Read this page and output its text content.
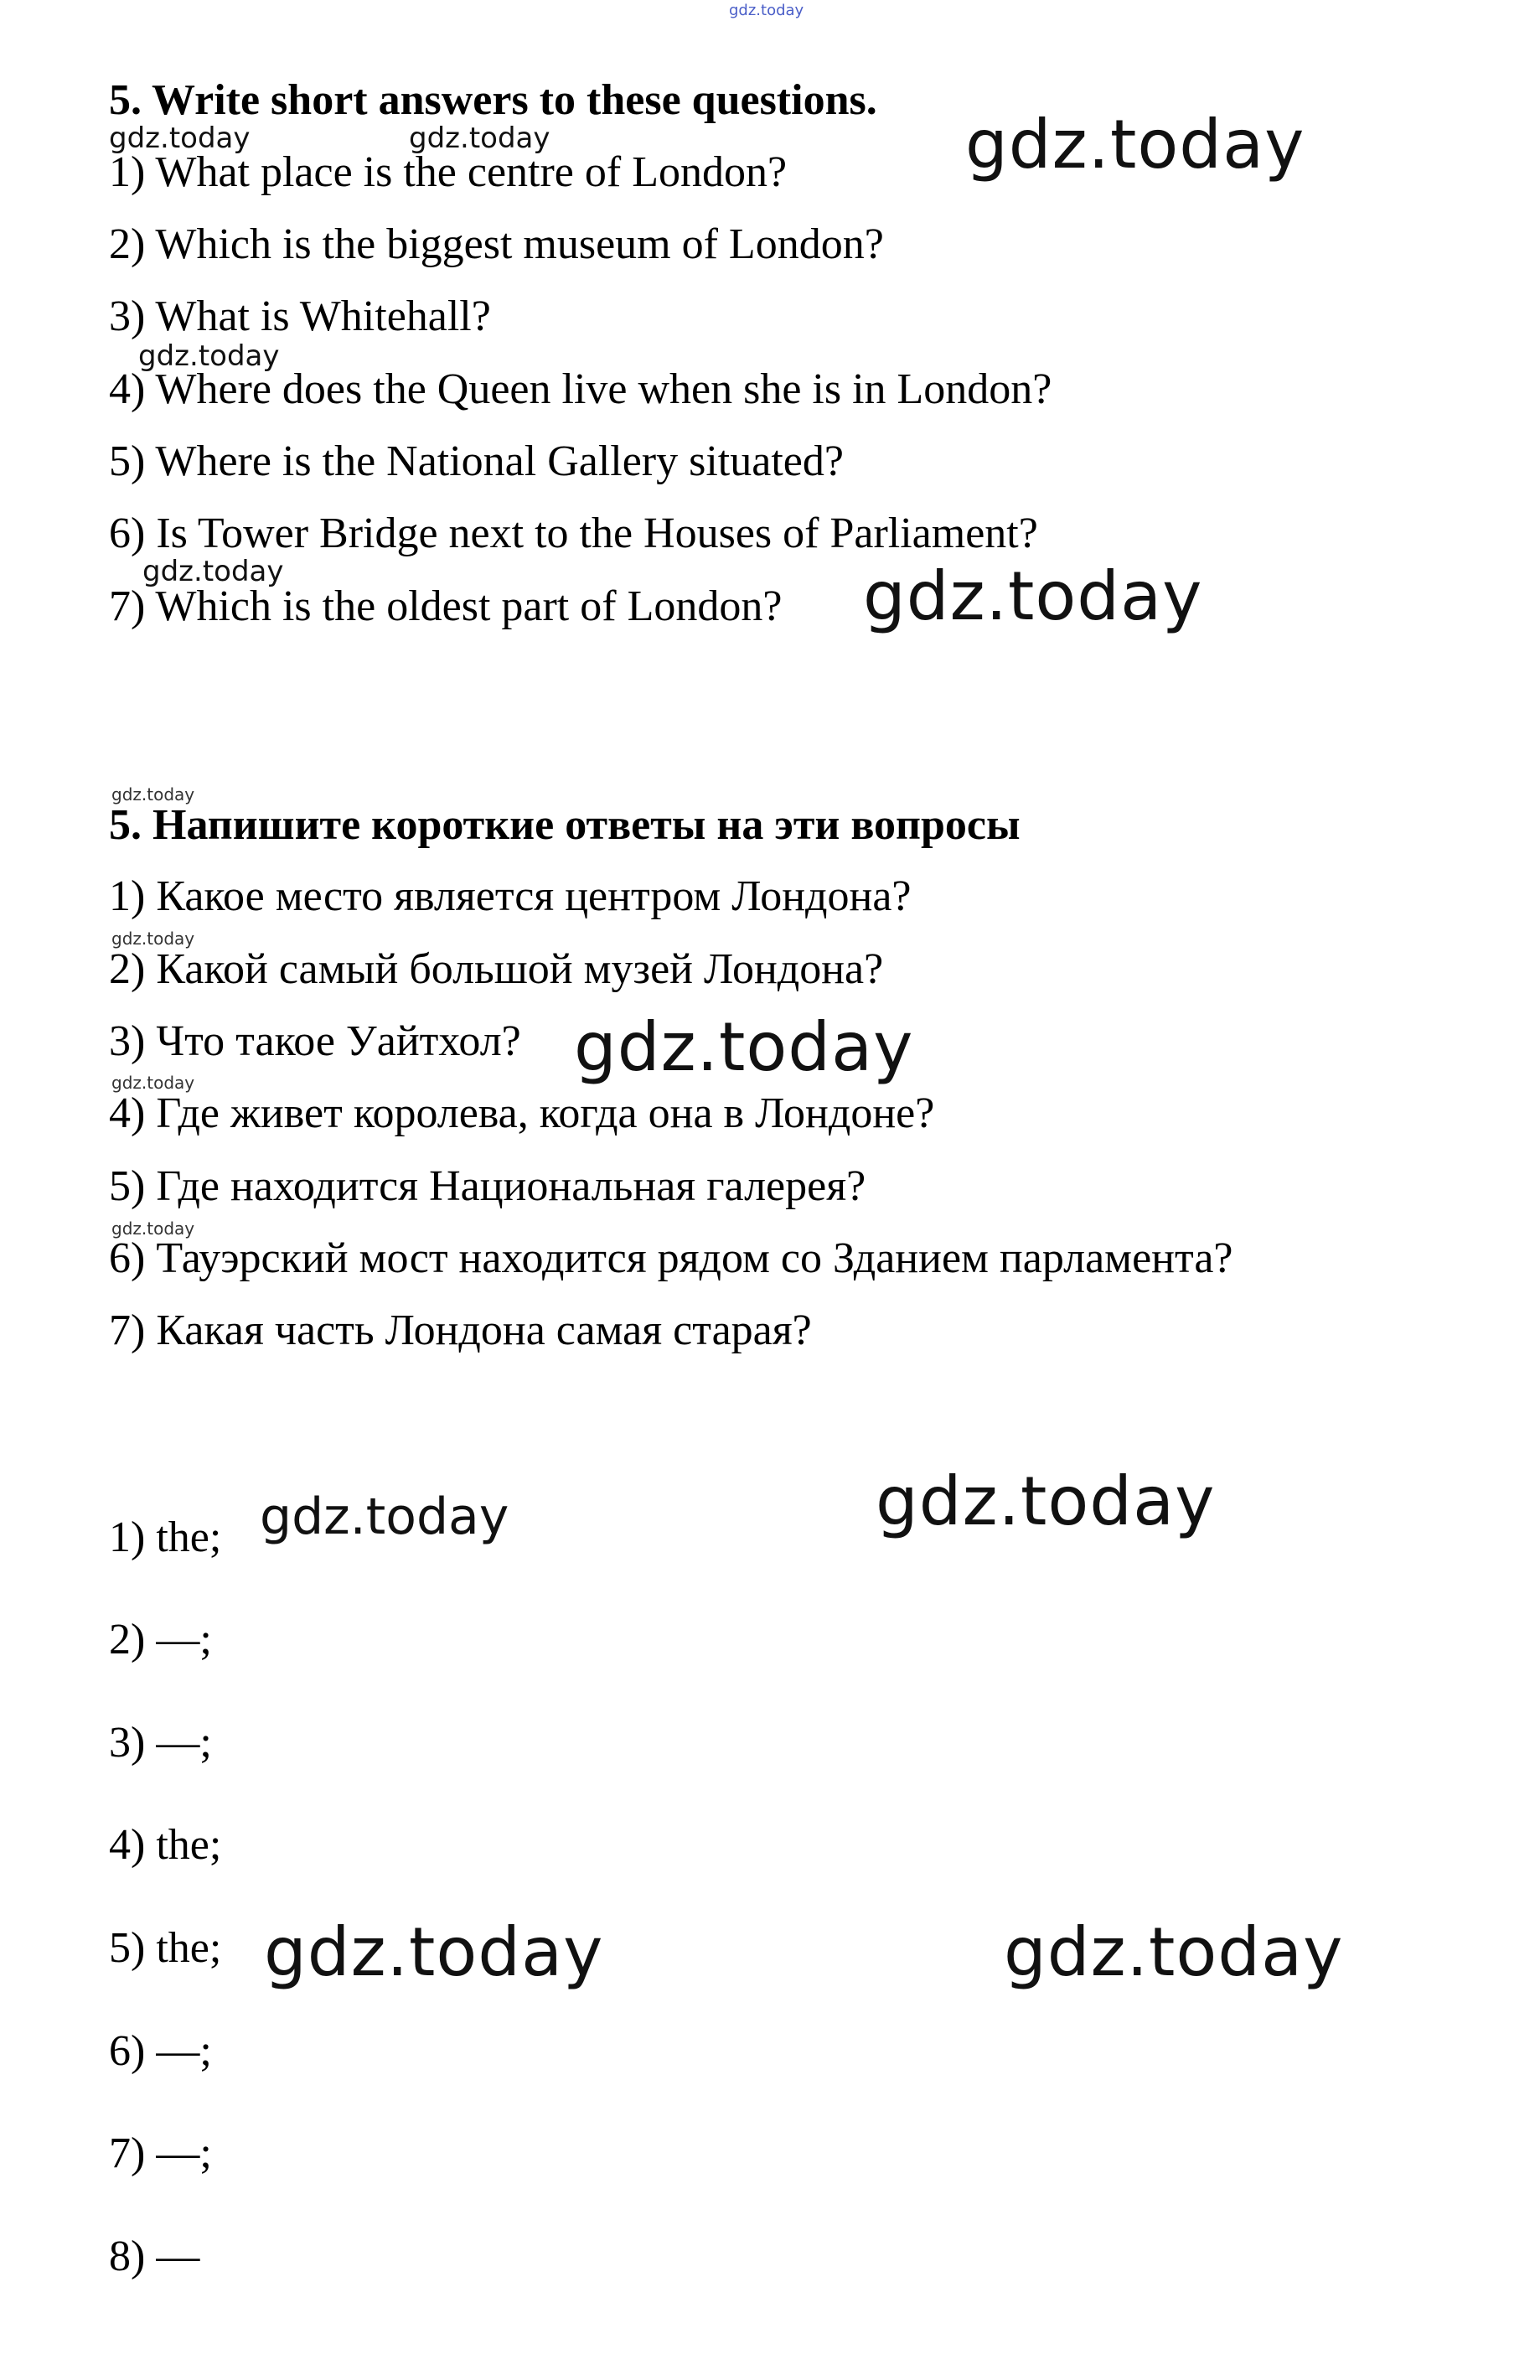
gdz.today
5. Write short answers to these questions.
1) What place is the centre of London?
2) Which is the biggest museum of London?
3) What is Whitehall?
4) Where does the Queen live when she is in London?
5) Where is the National Gallery situated?
6) Is Tower Bridge next to the Houses of Parliament?
7) Which is the oldest part of London?
5. Напишите короткие ответы на эти вопросы
1) Какое место является центром Лондона?
2) Какой самый большой музей Лондона?
3) Что такое Уайтхол?
4) Где живет королева, когда она в Лондоне?
5) Где находится Национальная галерея?
6) Тауэрский мост находится рядом со Зданием парламента?
7) Какая часть Лондона самая старая?
1) the;
2) —;
3) —;
4) the;
5) the;
6) —;
7) —;
8) —
gdz.today
gdz.today
gdz.today
gdz.today
gdz.today	gdz.today
gdz.today
gdz.today	gdz.today
gdz.today
gdz.today
gdz.today
gdz.today
gdz.today
gdz.today
